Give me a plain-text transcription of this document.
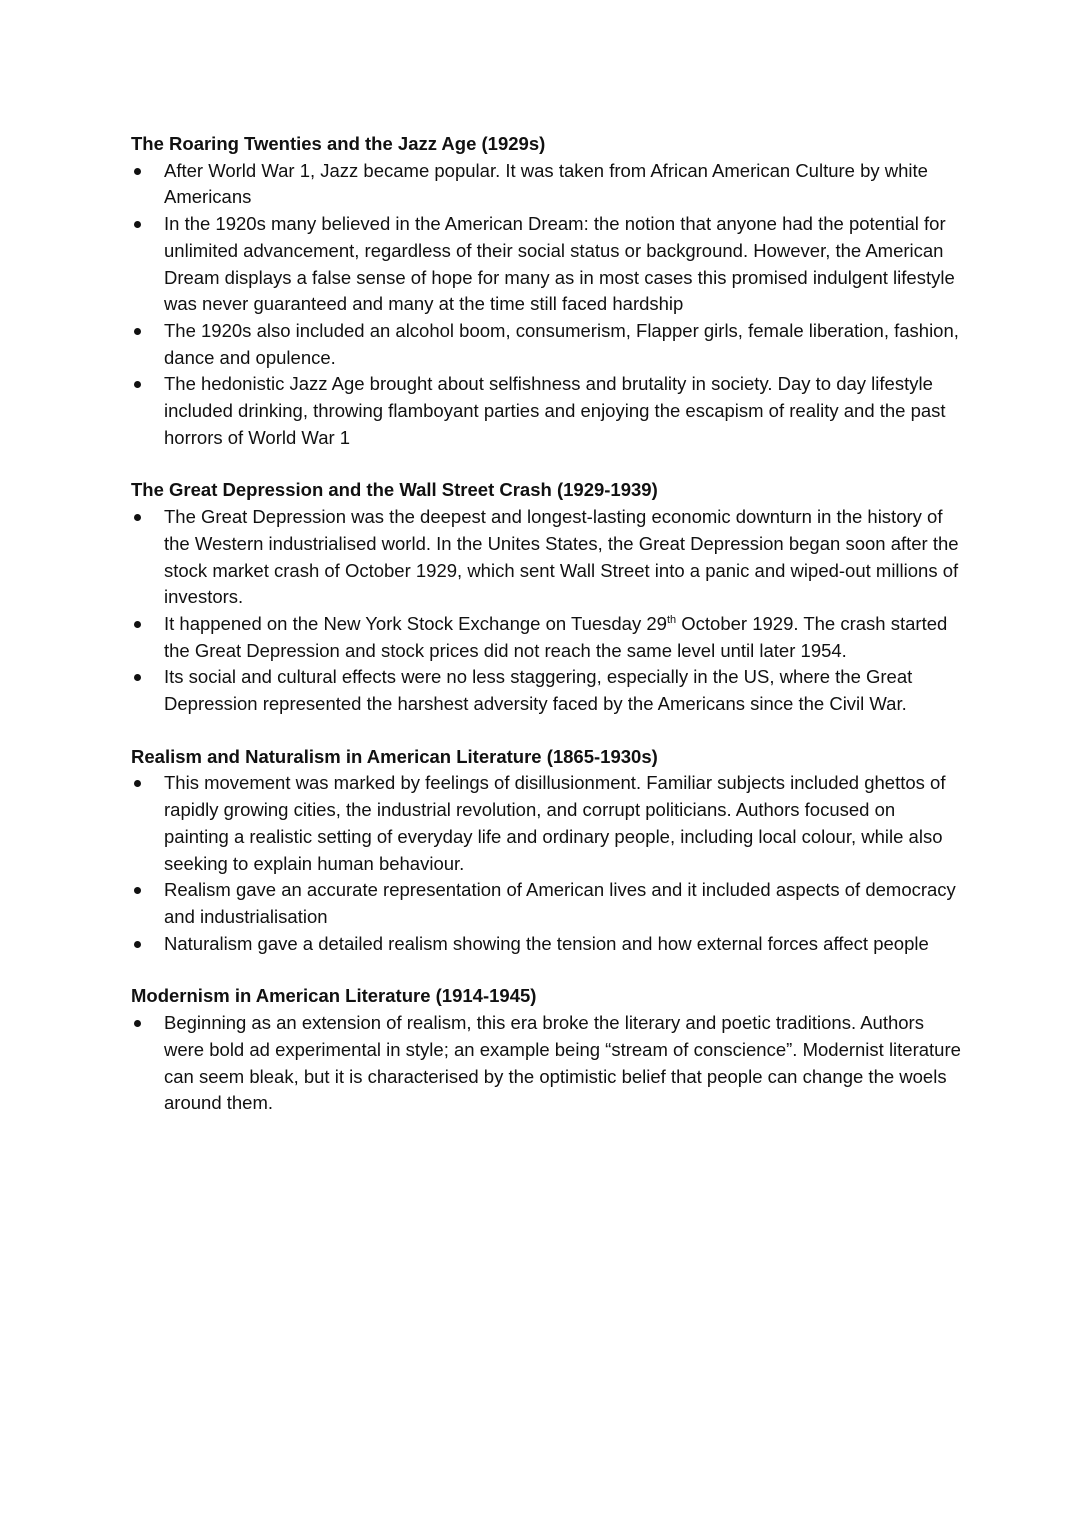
The Roaring Twenties and the Jazz Age (1929s)

After World War 1, Jazz became popular. It was taken from African American Culture by white Americans
In the 1920s many believed in the American Dream: the notion that anyone had the potential for unlimited advancement, regardless of their social status or background. However, the American Dream displays a false sense of hope for many as in most cases this promised indulgent lifestyle was never guaranteed and many at the time still faced hardship
The 1920s also included an alcohol boom, consumerism, Flapper girls, female liberation, fashion, dance and opulence.
The hedonistic Jazz Age brought about selfishness and brutality in society. Day to day lifestyle included drinking, throwing flamboyant parties and enjoying the escapism of reality and the past horrors of World War 1

The Great Depression and the Wall Street Crash (1929-1939)

The Great Depression was the deepest and longest-lasting economic downturn in the history of the Western industrialised world. In the Unites States, the Great Depression began soon after the stock market crash of October 1929, which sent Wall Street into a panic and wiped-out millions of investors.
It happened on the New York Stock Exchange on Tuesday 29th October 1929. The crash started the Great Depression and stock prices did not reach the same level until later 1954.
Its social and cultural effects were no less staggering, especially in the US, where the Great Depression represented the harshest adversity faced by the Americans since the Civil War.

Realism and Naturalism in American Literature (1865-1930s)

This movement was marked by feelings of disillusionment. Familiar subjects included ghettos of rapidly growing cities, the industrial revolution, and corrupt politicians. Authors focused on painting a realistic setting of everyday life and ordinary people, including local colour, while also seeking to explain human behaviour.
Realism gave an accurate representation of American lives and it included aspects of democracy and industrialisation
Naturalism gave a detailed realism showing the tension and how external forces affect people

Modernism in American Literature (1914-1945)

Beginning as an extension of realism, this era broke the literary and poetic traditions. Authors were bold ad experimental in style; an example being “stream of conscience”. Modernist literature can seem bleak, but it is characterised by the optimistic belief that people can change the woels around them.
